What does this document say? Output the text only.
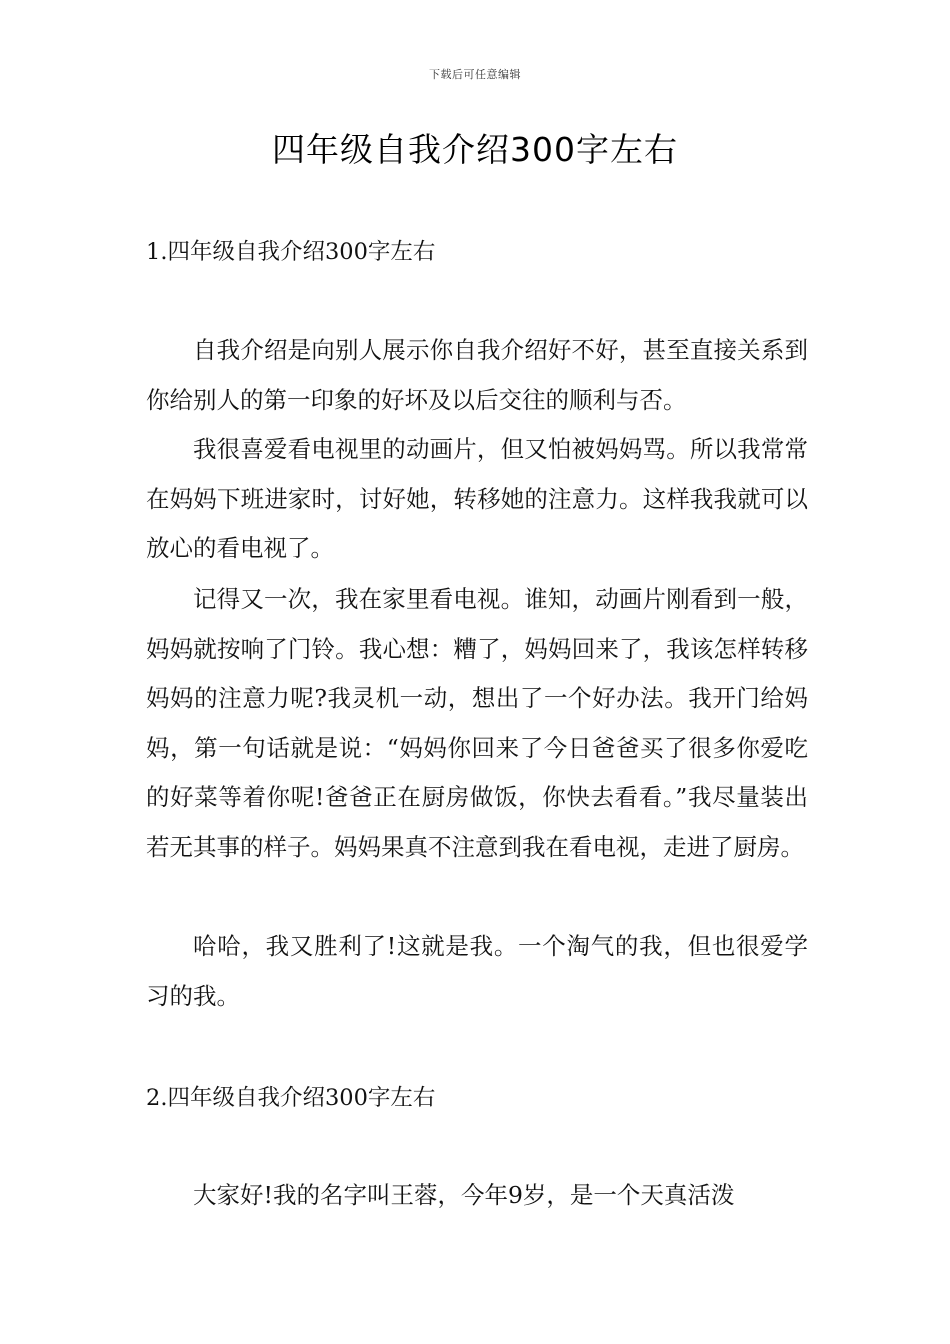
下载后可任意编辑
四年级自我介绍300字左右
1.四年级自我介绍300字左右

自我介绍是向别人展示你自我介绍好不好，甚至直接关系到你给别人的第一印象的好坏及以后交往的顺利与否。

我很喜爱看电视里的动画片，但又怕被妈妈骂。所以我常常在妈妈下班进家时，讨好她，转移她的注意力。这样我我就可以放心的看电视了。

记得又一次，我在家里看电视。谁知，动画片刚看到一般，妈妈就按响了门铃。我心想：糟了，妈妈回来了，我该怎样转移妈妈的注意力呢?我灵机一动，想出了一个好办法。我开门给妈妈，第一句话就是说：“妈妈你回来了今日爸爸买了很多你爱吃的好菜等着你呢!爸爸正在厨房做饭，你快去看看。”我尽量装出若无其事的样子。妈妈果真不注意到我在看电视，走进了厨房。

哈哈，我又胜利了!这就是我。一个淘气的我，但也很爱学习的我。

2.四年级自我介绍300字左右

大家好!我的名字叫王蓉，今年9岁，是一个天真活泼
